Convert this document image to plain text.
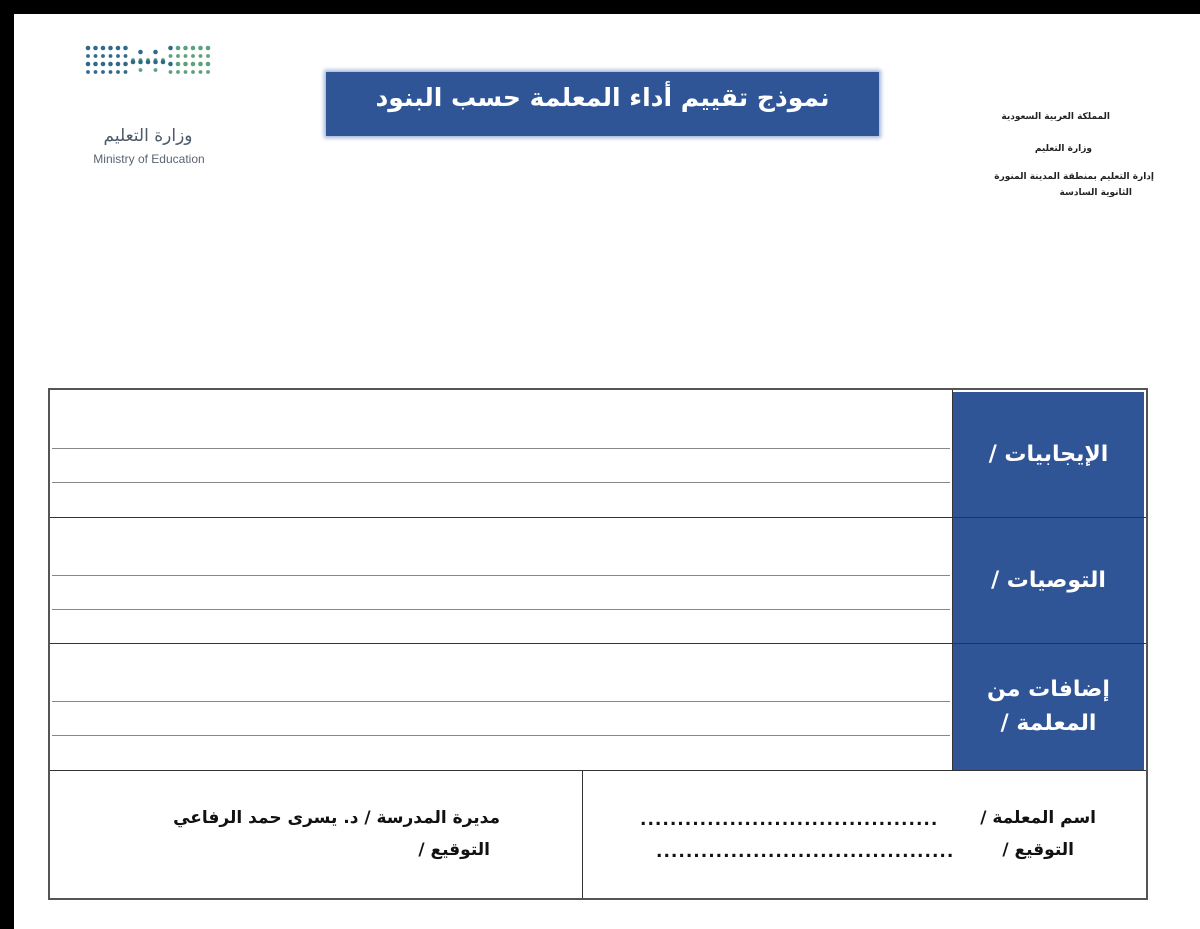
وزارة التعليم
Ministry of Education
نموذج تقييم أداء المعلمة حسب البنود
المملكة العربية السعودية
وزارة التعليم
إدارة التعليم بمنطقة المدينة المنورة
الثانوية السادسة
الإيجابيات /
التوصيات /
إضافات من
المعلمة /
اسم المعلمة /
........................................
التوقيع /
........................................
مديرة المدرسة / د. يسرى حمد الرفاعي
التوقيع /
